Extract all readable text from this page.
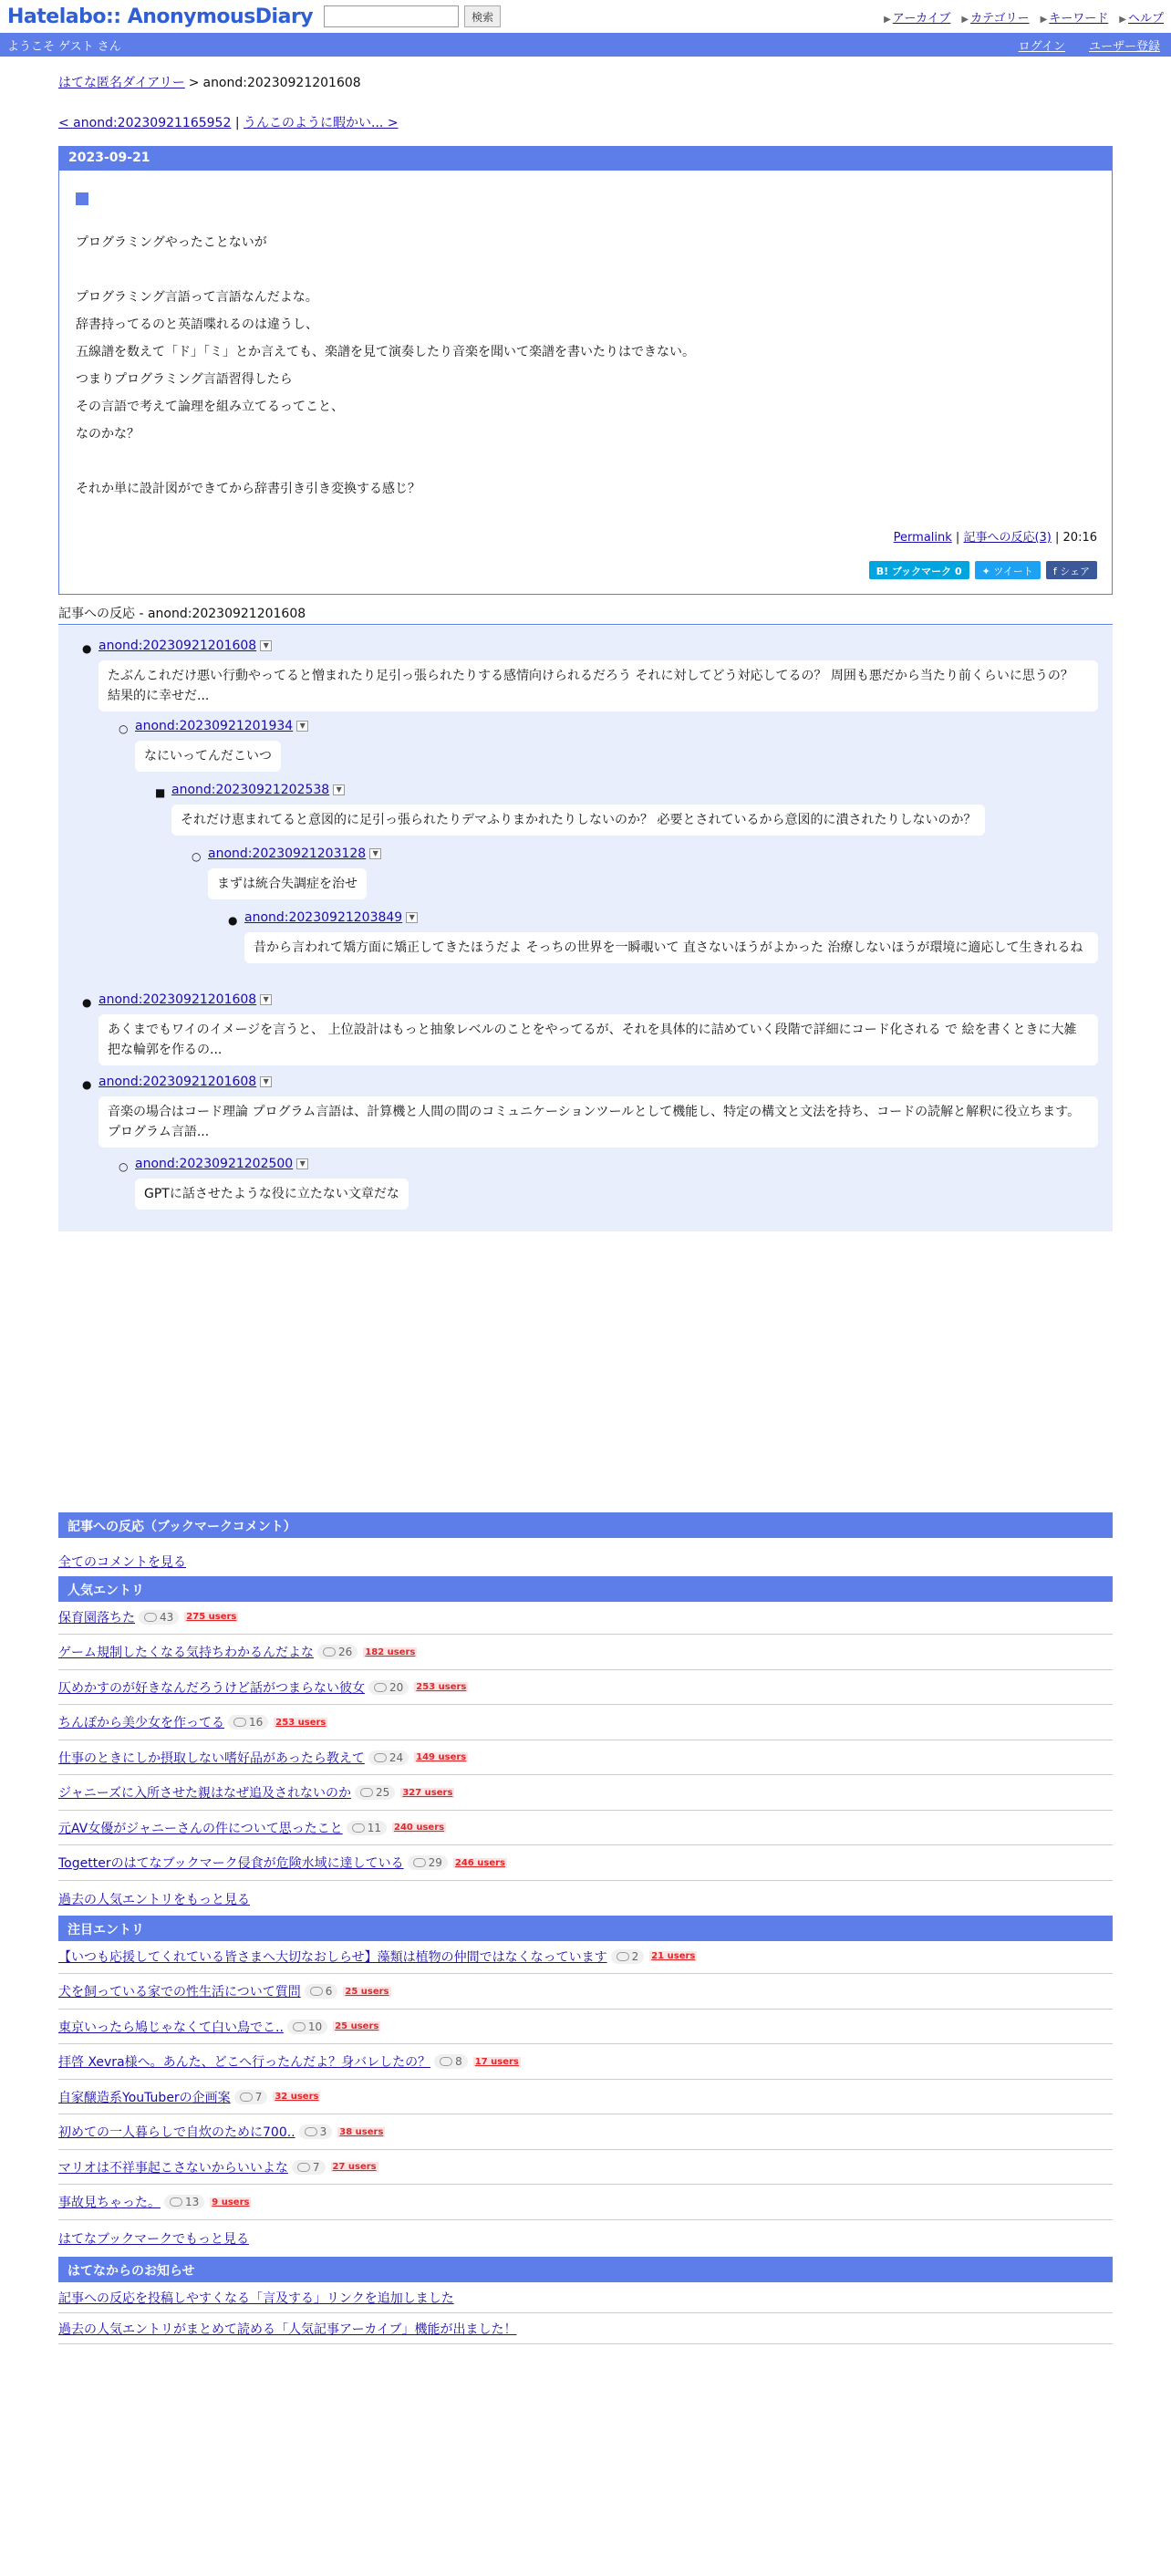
Hatelabo:: AnonymousDiary	検索	▶ アーカイブ ▶ カテゴリー ▶ キーワード ▶ ヘルプ
ようこそ ゲスト さん	ログイン ユーザー登録
はてな匿名ダイアリー > anond:20230921201608
< anond:20230921165952 | うんこのように暇かい... >
2023-09-21

プログラミングやったことないが

プログラミング言語って言語なんだよな。

辞書持ってるのと英語喋れるのは違うし、

五線譜を数えて「ド」「ミ」とか言えても、楽譜を見て演奏したり音楽を聞いて楽譜を書いたりはできない。

つまりプログラミング言語習得したら

その言語で考えて論理を組み立てるってこと、

なのかな？

それか単に設計図ができてから辞書引き引き変換する感じ？

Permalink | 記事への反応(3) | 20:16
B! ブックマーク 0	✦ ツイート	f シェア
記事への反応 - anond:20230921201608
● anond:20230921201608 ▼
たぶんこれだけ悪い行動やってると憎まれたり足引っ張られたりする感情向けられるだろう それに対してどう対応してるの？ 周囲も悪だから当たり前くらいに思うの？ 結果的に幸せだ...
○ anond:20230921201934 ▼
なにいってんだこいつ
■ anond:20230921202538 ▼
それだけ恵まれてると意図的に足引っ張られたりデマふりまかれたりしないのか？ 必要とされているから意図的に潰されたりしないのか？
○ anond:20230921203128 ▼
まずは統合失調症を治せ
● anond:20230921203849 ▼
昔から言われて矯方面に矯正してきたほうだよ そっちの世界を一瞬覗いて 直さないほうがよかった 治療しないほうが環境に適応して生きれるね
● anond:20230921201608 ▼
あくまでもワイのイメージを言うと、 上位設計はもっと抽象レベルのことをやってるが、それを具体的に詰めていく段階で詳細にコード化される で 絵を書くときに大雑把な輪郭を作るの...
● anond:20230921201608 ▼
音楽の場合はコード理論 プログラム言語は、計算機と人間の間のコミュニケーションツールとして機能し、特定の構文と文法を持ち、コードの読解と解釈に役立ちます。プログラム言語...
○ anond:20230921202500 ▼
GPTに話させたような役に立たない文章だな
記事への反応（ブックマークコメント）
全てのコメントを見る
人気エントリ
保育園落ちた 43 275 users
ゲーム規制したくなる気持ちわかるんだよな 26 182 users
仄めかすのが好きなんだろうけど話がつまらない彼女 20 253 users
ちんぽから美少女を作ってる 16 253 users
仕事のときにしか摂取しない嗜好品があったら教えて 24 149 users
ジャニーズに入所させた親はなぜ追及されないのか 25 327 users
元AV女優がジャニーさんの件について思ったこと 11 240 users
Togetterのはてなブックマーク侵食が危険水域に達している 29 246 users
過去の人気エントリをもっと見る
注目エントリ
【いつも応援してくれている皆さまへ大切なおしらせ】藻類は植物の仲間ではなくなっています 2 21 users
犬を飼っている家での性生活について質問 6 25 users
東京いったら鳩じゃなくて白い鳥でこ.. 10 25 users
拝啓 Xevra様へ。あんた、どこへ行ったんだよ？身バレしたの？ 8 17 users
自家醸造系YouTuberの企画案 7 32 users
初めての一人暮らしで自炊のために700.. 3 38 users
マリオは不祥事起こさないからいいよな 7 27 users
事故見ちゃった。 13 9 users
はてなブックマークでもっと見る
はてなからのお知らせ
記事への反応を投稿しやすくなる「言及する」リンクを追加しました
過去の人気エントリがまとめて読める「人気記事アーカイブ」機能が出ました！
